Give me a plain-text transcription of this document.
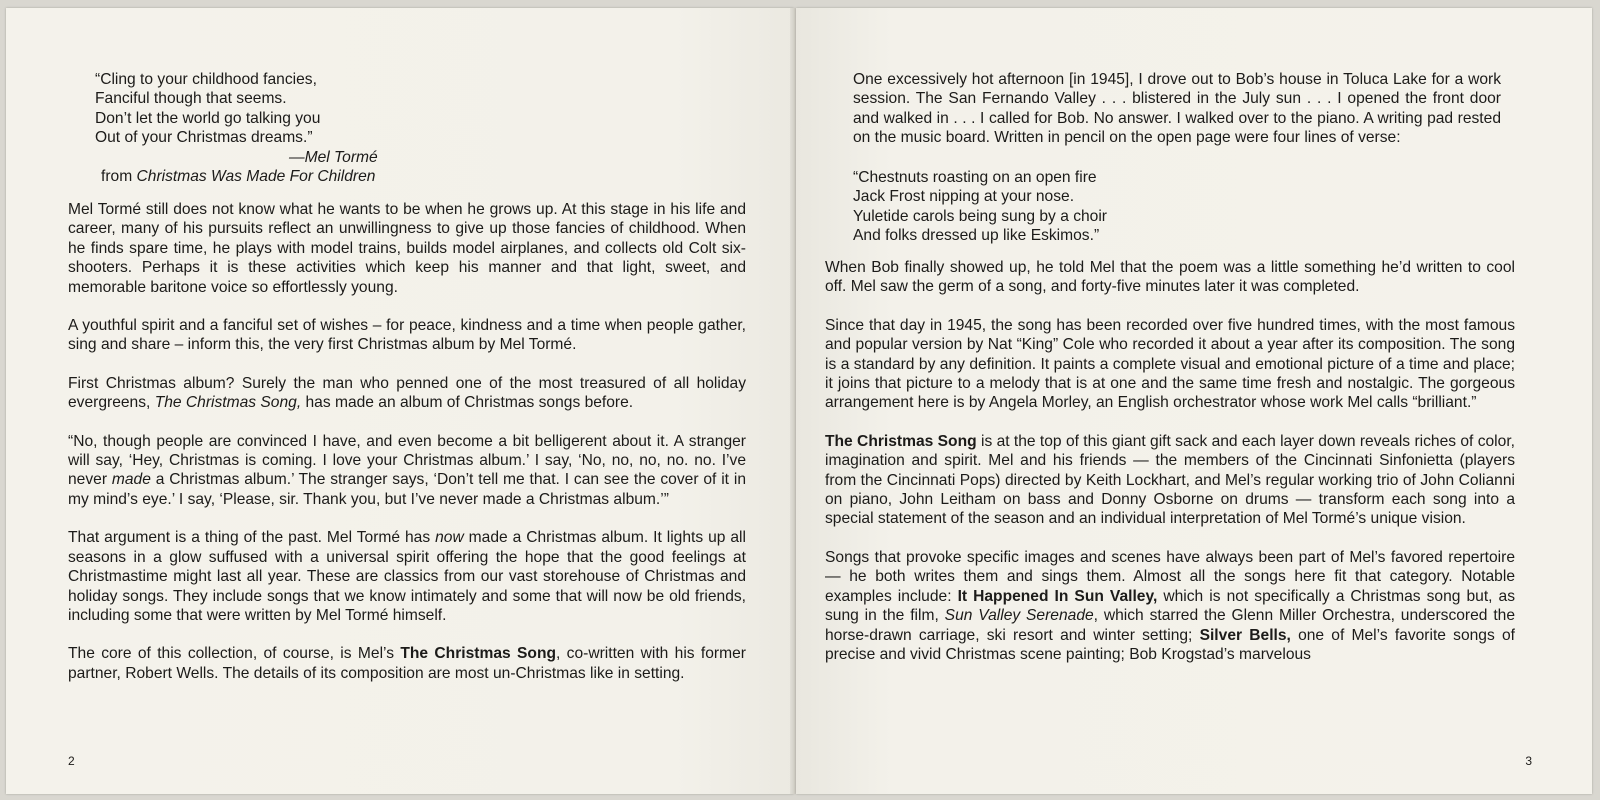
“Cling to your childhood fancies,
Fanciful though that seems.
Don’t let the world go talking you
Out of your Christmas dreams.”
—Mel Tormé
from Christmas Was Made For Children

Mel Tormé still does not know what he wants to be when he grows up. At this stage in his life and career, many of his pursuits reflect an unwillingness to give up those fancies of childhood. When he finds spare time, he plays with model trains, builds model airplanes, and collects old Colt six-shooters. Perhaps it is these activities which keep his manner and that light, sweet, and memorable baritone voice so effortlessly young.

A youthful spirit and a fanciful set of wishes – for peace, kindness and a time when people gather, sing and share – inform this, the very first Christmas album by Mel Tormé.

First Christmas album? Surely the man who penned one of the most treasured of all holiday evergreens, The Christmas Song, has made an album of Christmas songs before.

“No, though people are convinced I have, and even become a bit belligerent about it. A stranger will say, ‘Hey, Christmas is coming. I love your Christmas album.’ I say, ‘No, no, no, no. no. I’ve never made a Christmas album.’ The stranger says, ‘Don’t tell me that. I can see the cover of it in my mind’s eye.’ I say, ‘Please, sir. Thank you, but I’ve never made a Christmas album.’”

That argument is a thing of the past. Mel Tormé has now made a Christmas album. It lights up all seasons in a glow suffused with a universal spirit offering the hope that the good feelings at Christmastime might last all year. These are classics from our vast storehouse of Christmas and holiday songs. They include songs that we know intimately and some that will now be old friends, including some that were written by Mel Tormé himself.

The core of this collection, of course, is Mel’s The Christmas Song, co-written with his former partner, Robert Wells. The details of its composition are most un-Christmas like in setting.

2
One excessively hot afternoon [in 1945], I drove out to Bob’s house in Toluca Lake for a work session. The San Fernando Valley . . . blistered in the July sun . . . I opened the front door and walked in . . . I called for Bob. No answer. I walked over to the piano. A writing pad rested on the music board. Written in pencil on the open page were four lines of verse:
“Chestnuts roasting on an open fire
Jack Frost nipping at your nose.
Yuletide carols being sung by a choir
And folks dressed up like Eskimos.”

When Bob finally showed up, he told Mel that the poem was a little something he’d written to cool off. Mel saw the germ of a song, and forty-five minutes later it was completed.

Since that day in 1945, the song has been recorded over five hundred times, with the most famous and popular version by Nat “King” Cole who recorded it about a year after its composition. The song is a standard by any definition. It paints a complete visual and emotional picture of a time and place; it joins that picture to a melody that is at one and the same time fresh and nostalgic. The gorgeous arrangement here is by Angela Morley, an English orchestrator whose work Mel calls “brilliant.”

The Christmas Song is at the top of this giant gift sack and each layer down reveals riches of color, imagination and spirit. Mel and his friends — the members of the Cincinnati Sinfonietta (players from the Cincinnati Pops) directed by Keith Lockhart, and Mel’s regular working trio of John Colianni on piano, John Leitham on bass and Donny Osborne on drums — transform each song into a special statement of the season and an individual interpretation of Mel Tormé’s unique vision.

Songs that provoke specific images and scenes have always been part of Mel’s favored repertoire — he both writes them and sings them. Almost all the songs here fit that category. Notable examples include: It Happened In Sun Valley, which is not specifically a Christmas song but, as sung in the film, Sun Valley Serenade, which starred the Glenn Miller Orchestra, underscored the horse-drawn carriage, ski resort and winter setting; Silver Bells, one of Mel’s favorite songs of precise and vivid Christmas scene painting; Bob Krogstad’s marvelous

3
